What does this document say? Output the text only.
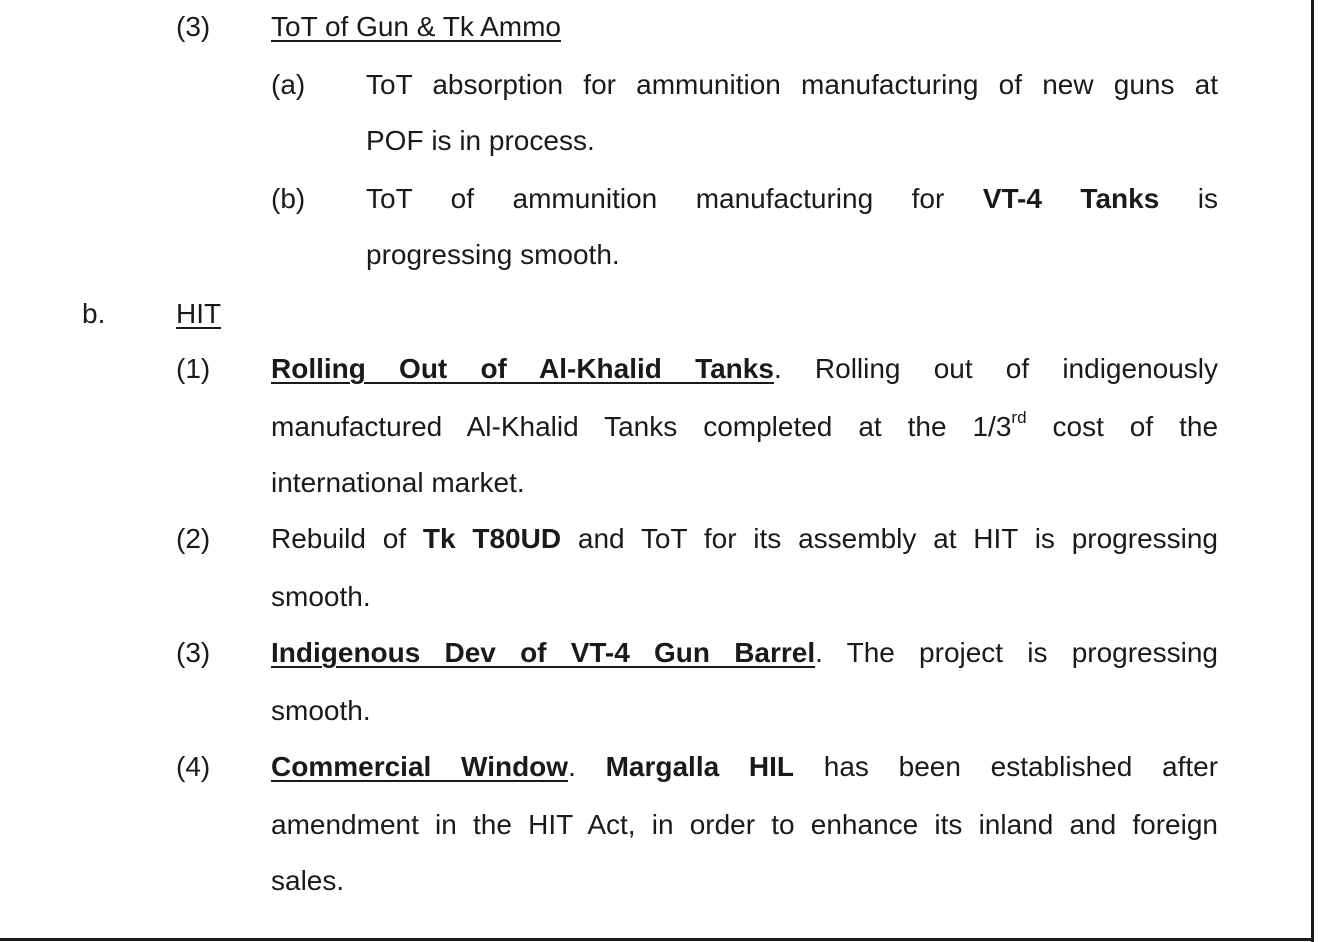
(3) ToT of Gun & Tk Ammo
(a) ToT absorption for ammunition manufacturing of new guns at
POF is in process.
(b) ToT of ammunition manufacturing for VT-4 Tanks is
progressing smooth.
b.	HIT
(1) Rolling Out of Al-Khalid Tanks. Rolling out of indigenously
manufactured Al-Khalid Tanks completed at the 1/3rd cost of the
international market.
(2) Rebuild of Tk T80UD and ToT for its assembly at HIT is progressing
smooth.
(3) Indigenous Dev of VT-4 Gun Barrel. The project is progressing
smooth.
(4) Commercial Window. Margalla HIL has been established after
amendment in the HIT Act, in order to enhance its inland and foreign
sales.
